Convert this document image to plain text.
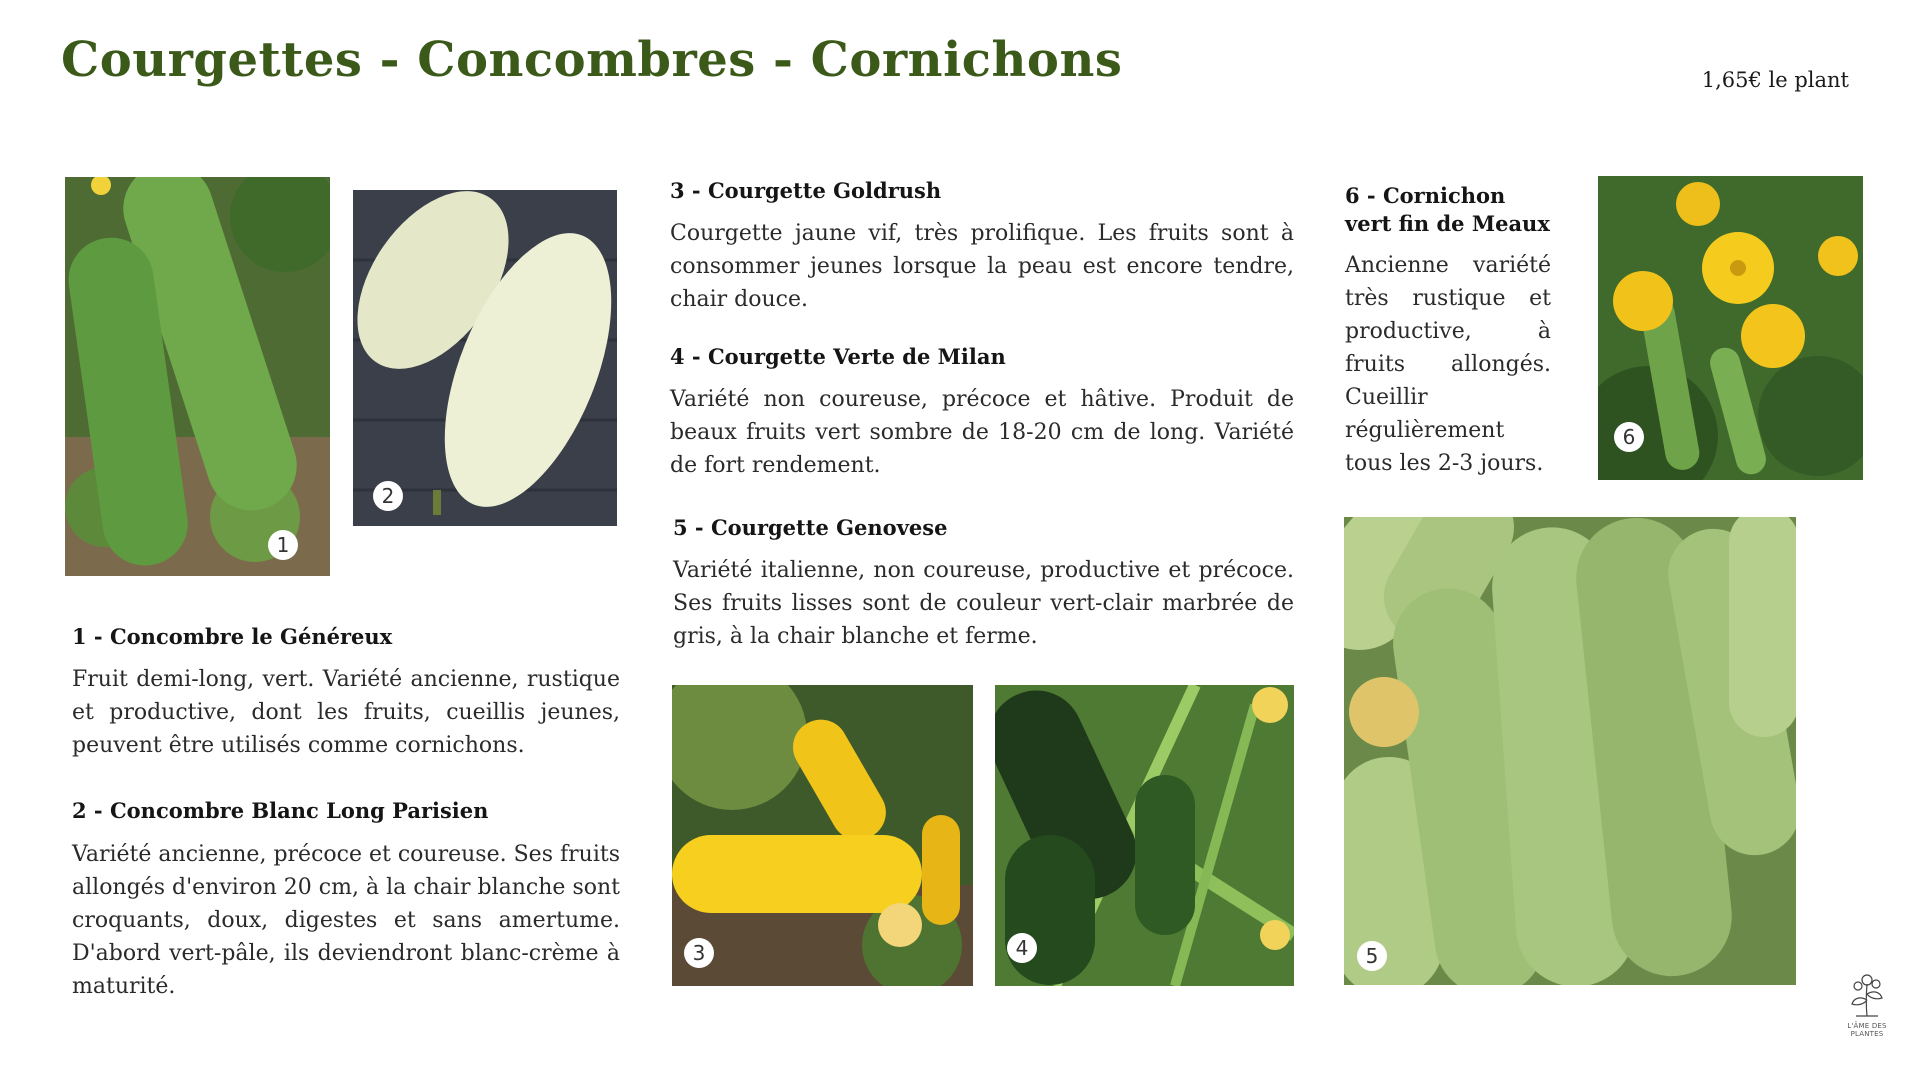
Courgettes - Concombres - Cornichons	1,65€ le plant
1
2
1 - Concombre le Généreux
Fruit demi-long, vert. Variété ancienne, rustique et productive, dont les fruits, cueillis jeunes, peuvent être utilisés comme cornichons.
2 - Concombre Blanc Long Parisien
Variété ancienne, précoce et coureuse. Ses fruits allongés d'environ 20 cm, à la chair blanche sont croquants, doux, digestes et sans amertume. D'abord vert-pâle, ils deviendront blanc-crème à maturité.
3 - Courgette Goldrush
Courgette jaune vif, très prolifique. Les fruits sont à consommer jeunes lorsque la peau est encore tendre, chair douce.
4 - Courgette Verte de Milan
Variété non coureuse, précoce et hâtive. Produit de beaux fruits vert sombre de 18-20 cm de long. Variété de fort rendement.
5 - Courgette Genovese
Variété italienne, non coureuse, productive et précoce. Ses fruits lisses sont de couleur vert-clair marbrée de gris, à la chair blanche et ferme.
3	4
6 - Cornichon vert fin de Meaux
Ancienne variété très rustique et productive, à fruits allongés. Cueillir régulièrement tous les 2-3 jours.
6
5
L'ÂME DES PLANTES
